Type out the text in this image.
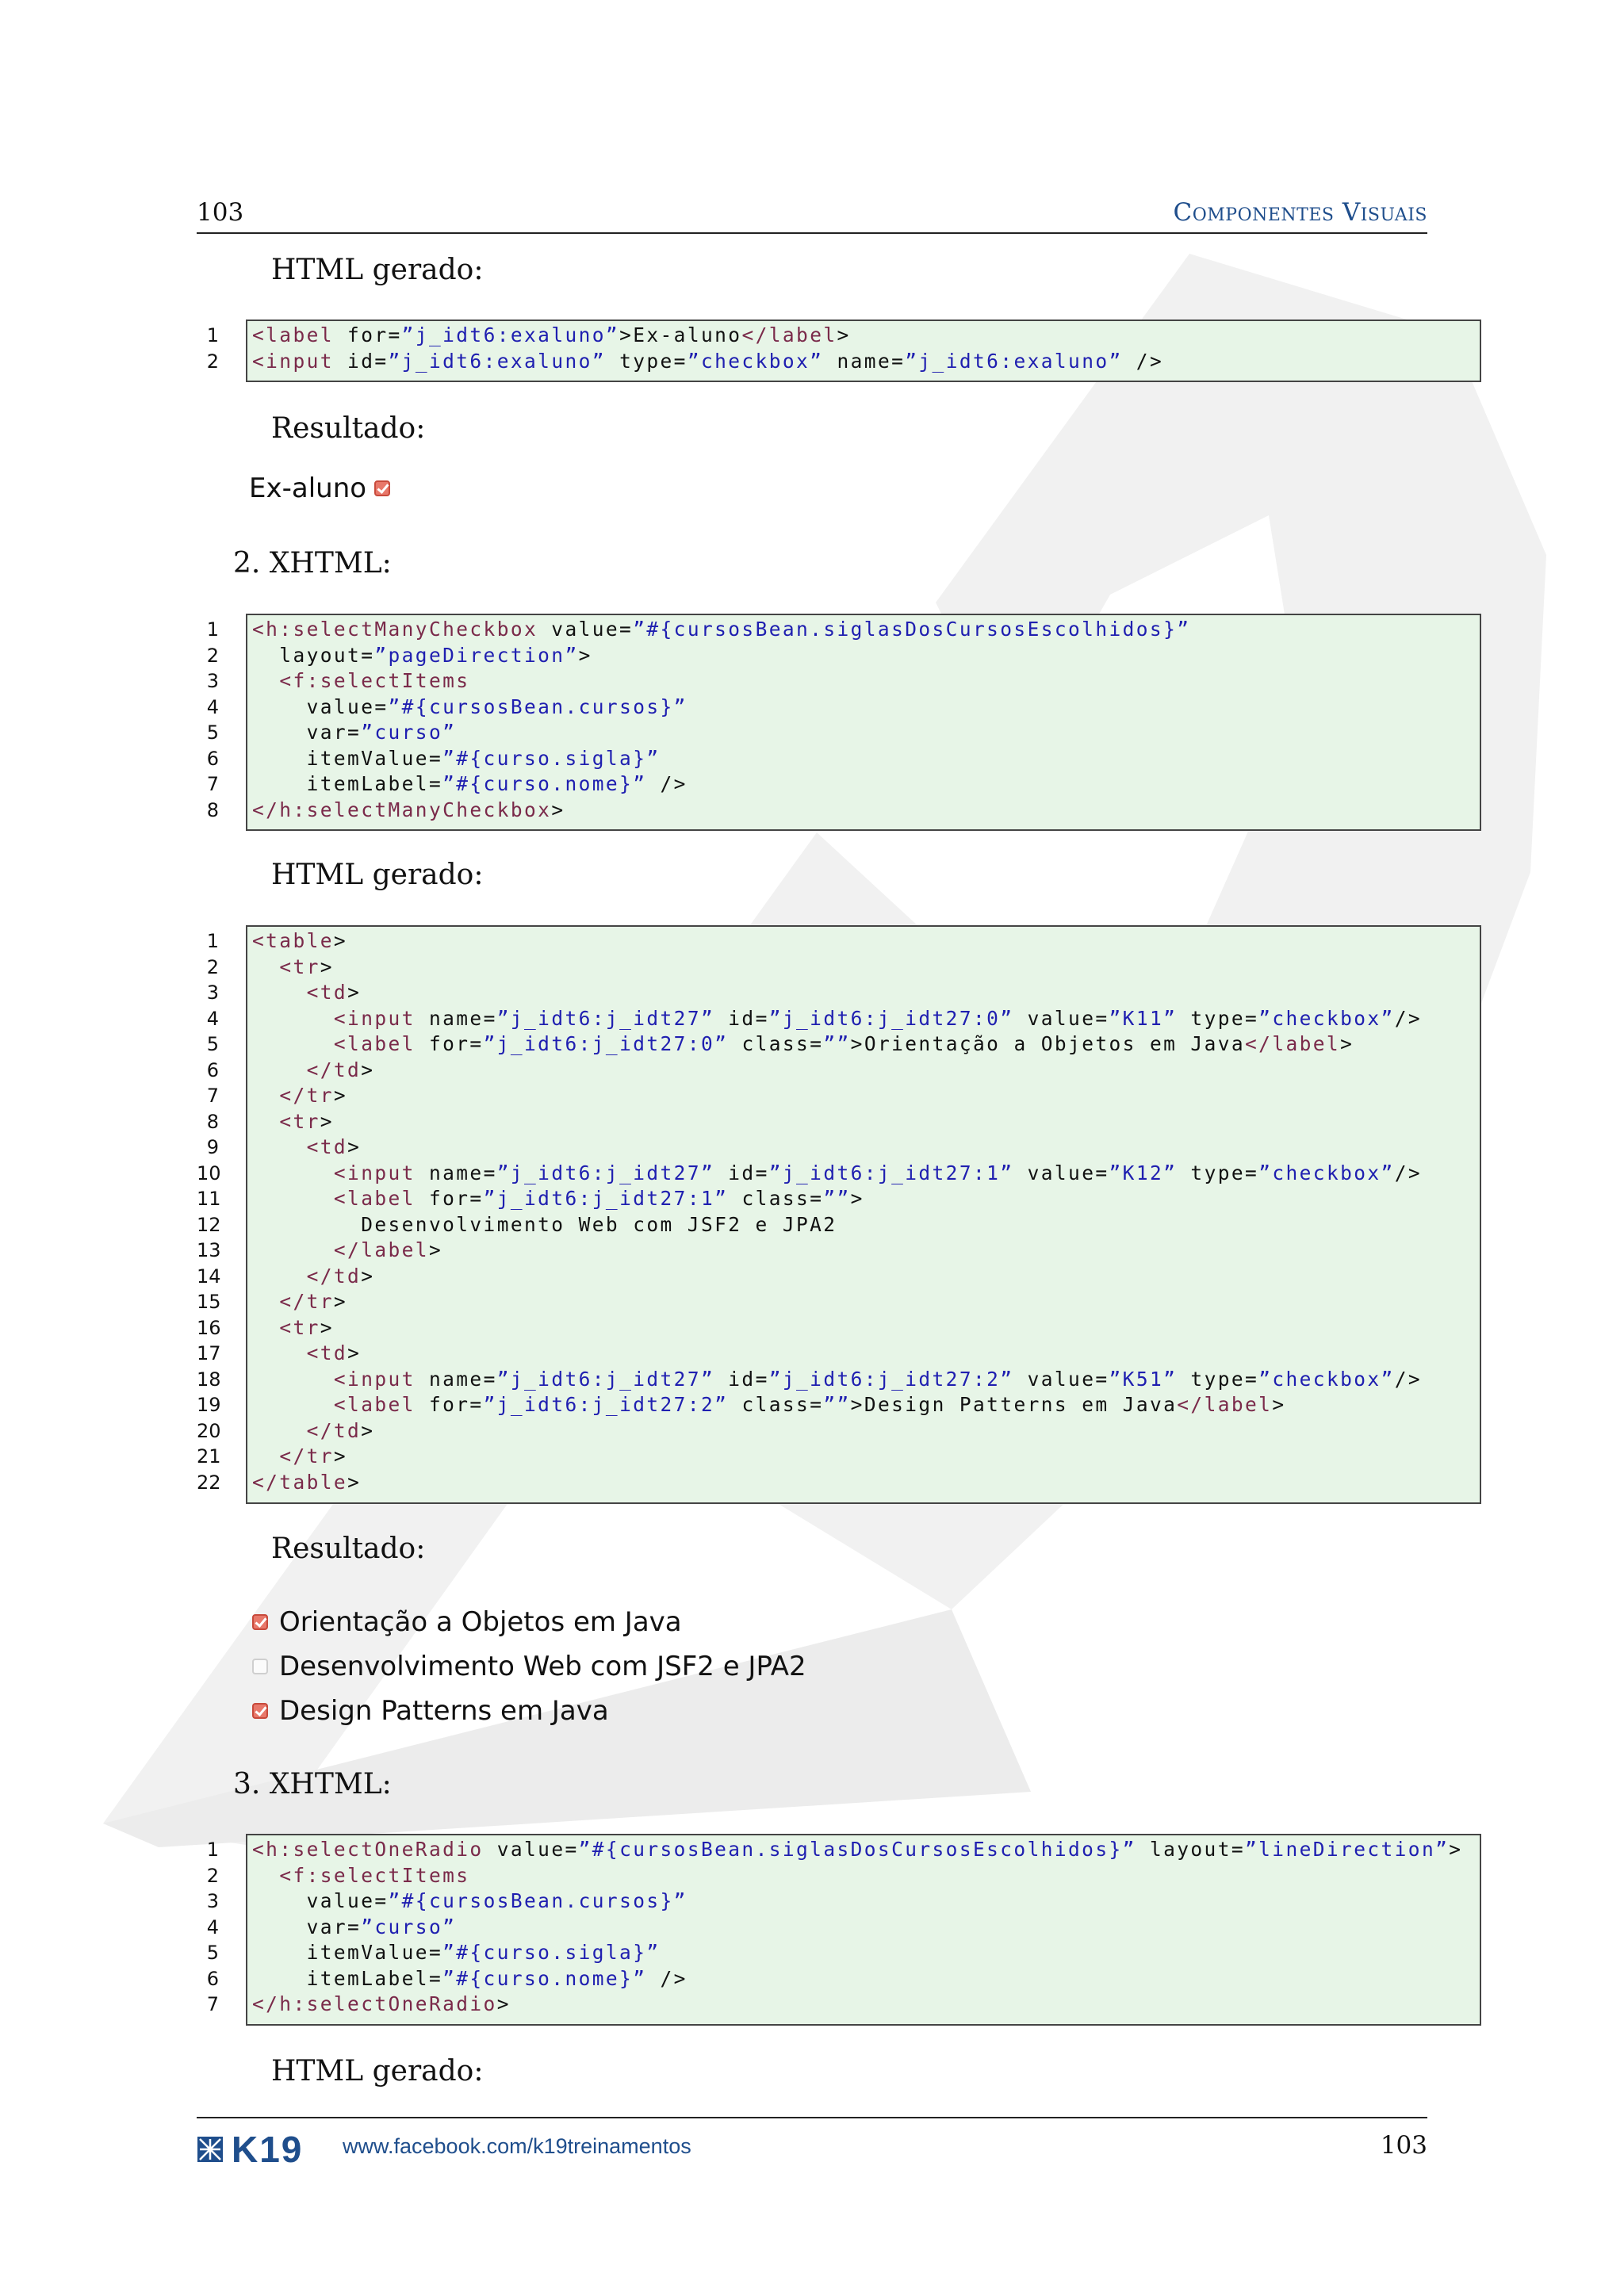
103	Componentes Visuais
HTML gerado:
1
2
<label for=”j_idt6:exaluno”>Ex-aluno</label>
<input id=”j_idt6:exaluno” type=”checkbox” name=”j_idt6:exaluno” />
Resultado:
Ex-aluno
2. XHTML:
1
2
3
4
5
6
7
8
<h:selectManyCheckbox value=”#{cursosBean.siglasDosCursosEscolhidos}”
layout=”pageDirection”>
<f:selectItems
value=”#{cursosBean.cursos}”
var=”curso”
itemValue=”#{curso.sigla}”
itemLabel=”#{curso.nome}” />
</h:selectManyCheckbox>
HTML gerado:
1
2
3
4
5
6
7
8
9
10
11
12
13
14
15
16
17
18
19
20
21
22
<table>
<tr>
<td>
<input name=”j_idt6:j_idt27” id=”j_idt6:j_idt27:0” value=”K11” type=”checkbox”/>
<label for=”j_idt6:j_idt27:0” class=””>Orientação a Objetos em Java</label>
</td>
</tr>
<tr>
<td>
<input name=”j_idt6:j_idt27” id=”j_idt6:j_idt27:1” value=”K12” type=”checkbox”/>
<label for=”j_idt6:j_idt27:1” class=””>
Desenvolvimento Web com JSF2 e JPA2
</label>
</td>
</tr>
<tr>
<td>
<input name=”j_idt6:j_idt27” id=”j_idt6:j_idt27:2” value=”K51” type=”checkbox”/>
<label for=”j_idt6:j_idt27:2” class=””>Design Patterns em Java</label>
</td>
</tr>
</table>
Resultado:
Orientação a Objetos em Java
Desenvolvimento Web com JSF2 e JPA2
Design Patterns em Java
3. XHTML:
1
2
3
4
5
6
7
<h:selectOneRadio value=”#{cursosBean.siglasDosCursosEscolhidos}” layout=”lineDirection”>
<f:selectItems
value=”#{cursosBean.cursos}”
var=”curso”
itemValue=”#{curso.sigla}”
itemLabel=”#{curso.nome}” />
</h:selectOneRadio>
HTML gerado:
K19 www.facebook.com/k19treinamentos	103
